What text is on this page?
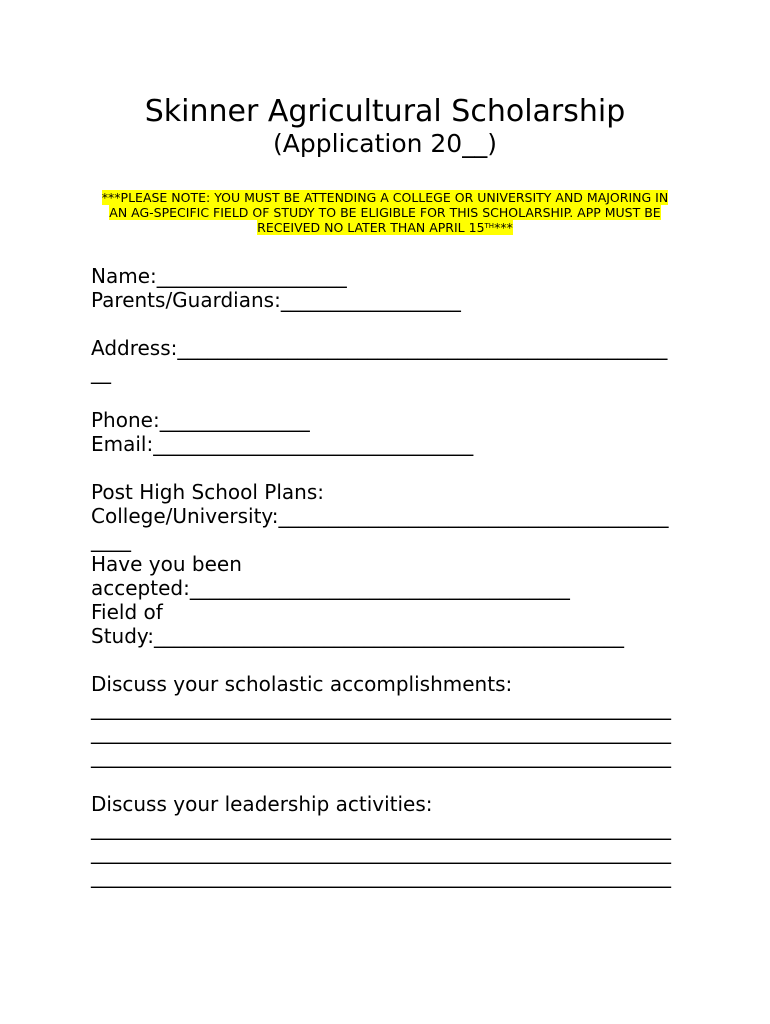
Skinner Agricultural Scholarship
(Application 20__)
***PLEASE NOTE: YOU MUST BE ATTENDING A COLLEGE OR UNIVERSITY AND MAJORING IN
AN AG-SPECIFIC FIELD OF STUDY TO BE ELIGIBLE FOR THIS SCHOLARSHIP. APP MUST BE
RECEIVED NO LATER THAN APRIL 15TH***
Name:___________________
Parents/Guardians:__________________
Address:_________________________________________________
__
Phone:_______________
Email:________________________________
Post High School Plans:
College/University:_______________________________________
____
Have you been
accepted:______________________________________
Field of
Study:_______________________________________________
Discuss your scholastic accomplishments:
__________________________________________________________
__________________________________________________________
__________________________________________________________
Discuss your leadership activities:
__________________________________________________________
__________________________________________________________
__________________________________________________________
